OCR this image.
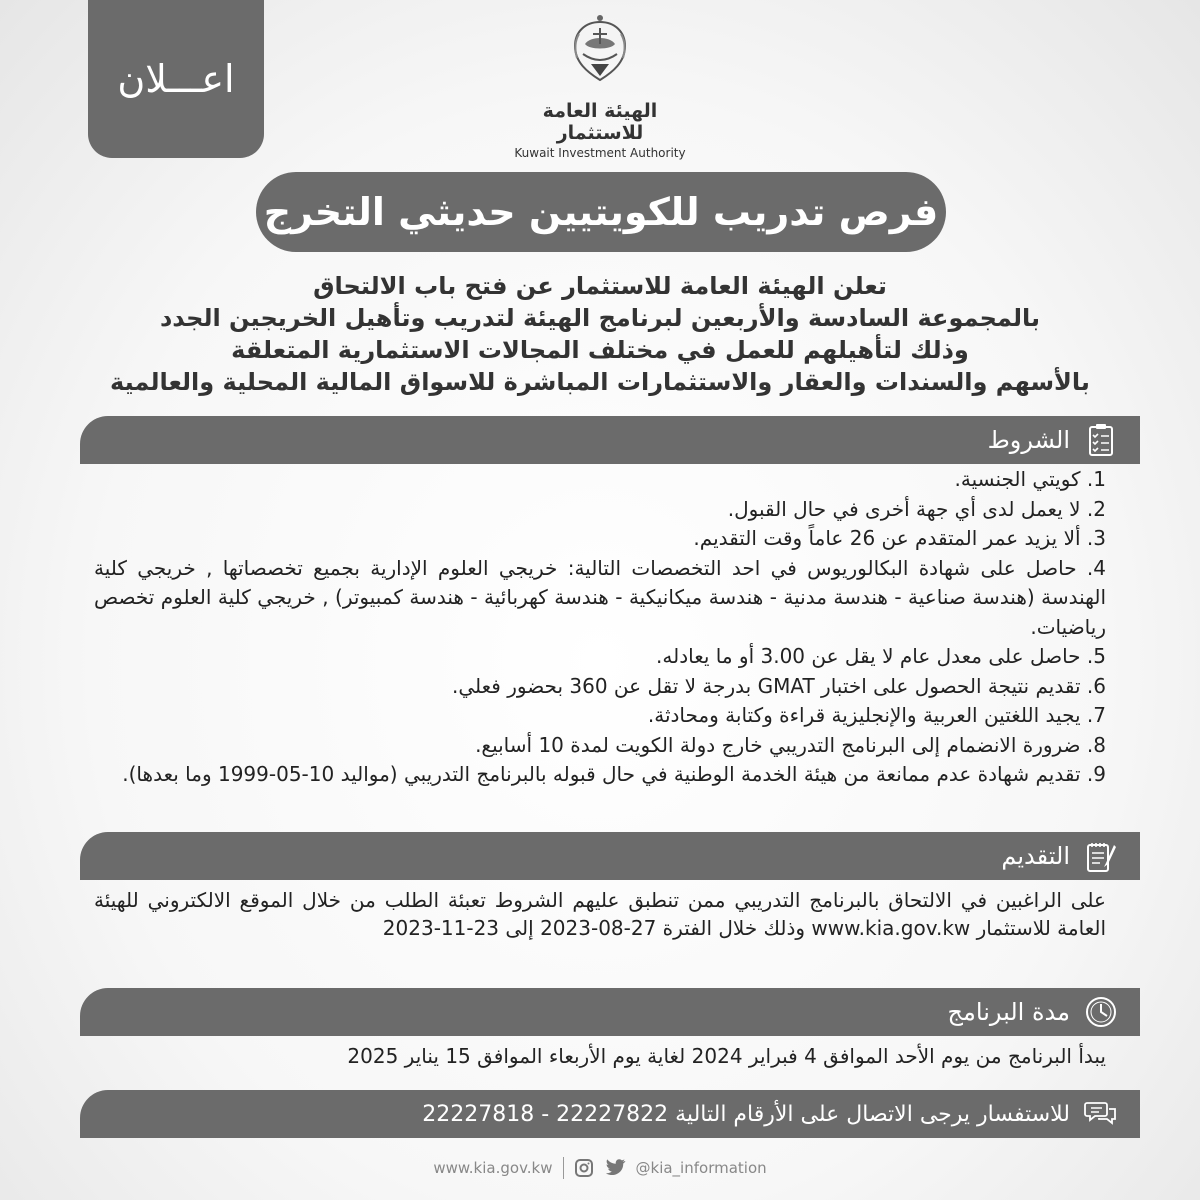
اعـــلان
الهيئة العامة للاستثمار
Kuwait Investment Authority
فرص تدريب للكويتيين حديثي التخرج
تعلن الهيئة العامة للاستثمار عن فتح باب الالتحاق
بالمجموعة السادسة والأربعين لبرنامج الهيئة لتدريب وتأهيل الخريجين الجدد
وذلك لتأهيلهم للعمل في مختلف المجالات الاستثمارية المتعلقة
بالأسهم والسندات والعقار والاستثمارات المباشرة للاسواق المالية المحلية والعالمية
الشروط
1. كويتي الجنسية.
2. لا يعمل لدى أي جهة أخرى في حال القبول.
3. ألا يزيد عمر المتقدم عن 26 عاماً وقت التقديم.
4. حاصل على شهادة البكالوريوس في احد التخصصات التالية: خريجي العلوم الإدارية بجميع تخصصاتها , خريجي كلية الهندسة (هندسة صناعية - هندسة مدنية - هندسة ميكانيكية - هندسة كهربائية - هندسة كمبيوتر) , خريجي كلية العلوم تخصص رياضيات.
5. حاصل على معدل عام لا يقل عن 3.00 أو ما يعادله.
6. تقديم نتيجة الحصول على اختبار GMAT بدرجة لا تقل عن 360 بحضور فعلي.
7. يجيد اللغتين العربية والإنجليزية قراءة وكتابة ومحادثة.
8. ضرورة الانضمام إلى البرنامج التدريبي خارج دولة الكويت لمدة 10 أسابيع.
9. تقديم شهادة عدم ممانعة من هيئة الخدمة الوطنية في حال قبوله بالبرنامج التدريبي (مواليد 10-05-1999 وما بعدها).
التقديم
على الراغبين في الالتحاق بالبرنامج التدريبي ممن تنطبق عليهم الشروط تعبئة الطلب من خلال الموقع الالكتروني للهيئة العامة للاستثمار www.kia.gov.kw وذلك خلال الفترة 27-08-2023 إلى 23-11-2023
مدة البرنامج
يبدأ البرنامج من يوم الأحد الموافق 4 فبراير 2024 لغاية يوم الأربعاء الموافق 15 يناير 2025
للاستفسار يرجى الاتصال على الأرقام التالية 22227822 - 22227818
www.kia.gov.kw	@kia_information
